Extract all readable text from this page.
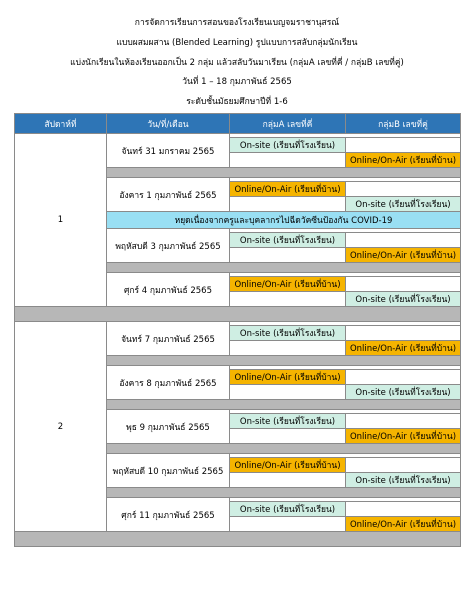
การจัดการเรียนการสอนของโรงเรียนเบญจมราชานุสรณ์
แบบผสมผสาน (Blended Learning) รูปแบบการสลับกลุ่มนักเรียน
แบ่งนักเรียนในห้องเรียนออกเป็น 2 กลุ่ม แล้วสลับวันมาเรียน (กลุ่มA เลขที่คี่ / กลุ่มB เลขที่คู่)
วันที่ 1 – 18 กุมภาพันธ์ 2565
ระดับชั้นมัธยมศึกษาปีที่ 1-6
สัปดาห์ที่	วัน/ที่/เดือน	กลุ่มA เลขที่คี่	กลุ่มB เลขที่คู่
1	จันทร์ 31 มกราคม 2565		
		On-site (เรียนที่โรงเรียน)	
			Online/On-Air (เรียนที่บ้าน)

	อังคาร 1 กุมภาพันธ์ 2565		
		Online/On-Air (เรียนที่บ้าน)	
			On-site (เรียนที่โรงเรียน)
	หยุดเนื่องจากครูและบุคลากรไปฉีดวัคซีนป้องกัน COVID-19		
	พฤหัสบดี 3 กุมภาพันธ์ 2565		
		On-site (เรียนที่โรงเรียน)	
			Online/On-Air (เรียนที่บ้าน)

	ศุกร์ 4 กุมภาพันธ์ 2565		
		Online/On-Air (เรียนที่บ้าน)	
			On-site (เรียนที่โรงเรียน)

2	จันทร์ 7 กุมภาพันธ์ 2565		
		On-site (เรียนที่โรงเรียน)	
			Online/On-Air (เรียนที่บ้าน)

	อังคาร 8 กุมภาพันธ์ 2565		
		Online/On-Air (เรียนที่บ้าน)	
			On-site (เรียนที่โรงเรียน)

	พุธ 9 กุมภาพันธ์ 2565		
		On-site (เรียนที่โรงเรียน)	
			Online/On-Air (เรียนที่บ้าน)

	พฤหัสบดี 10 กุมภาพันธ์ 2565		
		Online/On-Air (เรียนที่บ้าน)	
			On-site (เรียนที่โรงเรียน)

	ศุกร์ 11 กุมภาพันธ์ 2565		
		On-site (เรียนที่โรงเรียน)	
			Online/On-Air (เรียนที่บ้าน)
